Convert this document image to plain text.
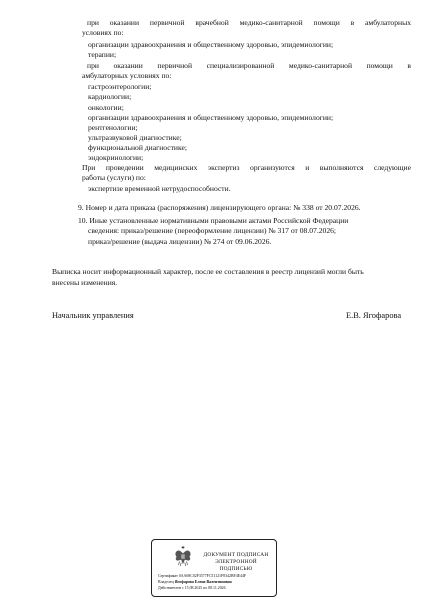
при оказании первичной врачебной медико-санитарной помощи в амбулаторных
условиях по:
организации здравоохранения и общественному здоровью, эпидемиологии;
терапии;
при оказании первичной специализированной медико-санитарной помощи в
амбулаторных условиях по:
гастроэнтерологии;
кардиологии;
онкологии;
организации здравоохранения и общественному здоровью, эпидемиологии;
рентгенологии;
ультразвуковой диагностике;
функциональной диагностике;
эндокринологии;
При проведении медицинских экспертиз организуются и выполняются следующие
работы (услуги) по:
экспертизе временной нетрудоспособности.
9. Номер и дата приказа (распоряжения) лицензирующего органа: № 338 от 20.07.2026.
10. Иные установленные нормативными правовыми актами Российской Федерации
сведения: приказ/решение (переоформление лицензии) № 317 от 08.07.2026;
приказ/решение (выдача лицензии) № 274 от 09.06.2026.
Выписка носит информационный характер, после ее составления в реестр лицензий могли быть
внесены изменения.
Начальник управления	Е.В. Ягофарова
ДОКУМЕНТ ПОДПИСАН
ЭЛЕКТРОННОЙ ПОДПИСЬЮ
Сертификат 0AA68C02F3577FC51121F8342BF4E44F
Владелец Ягофарова Елена Валентиновна
Действителен с 15.08.2025 по 08.11.2026
